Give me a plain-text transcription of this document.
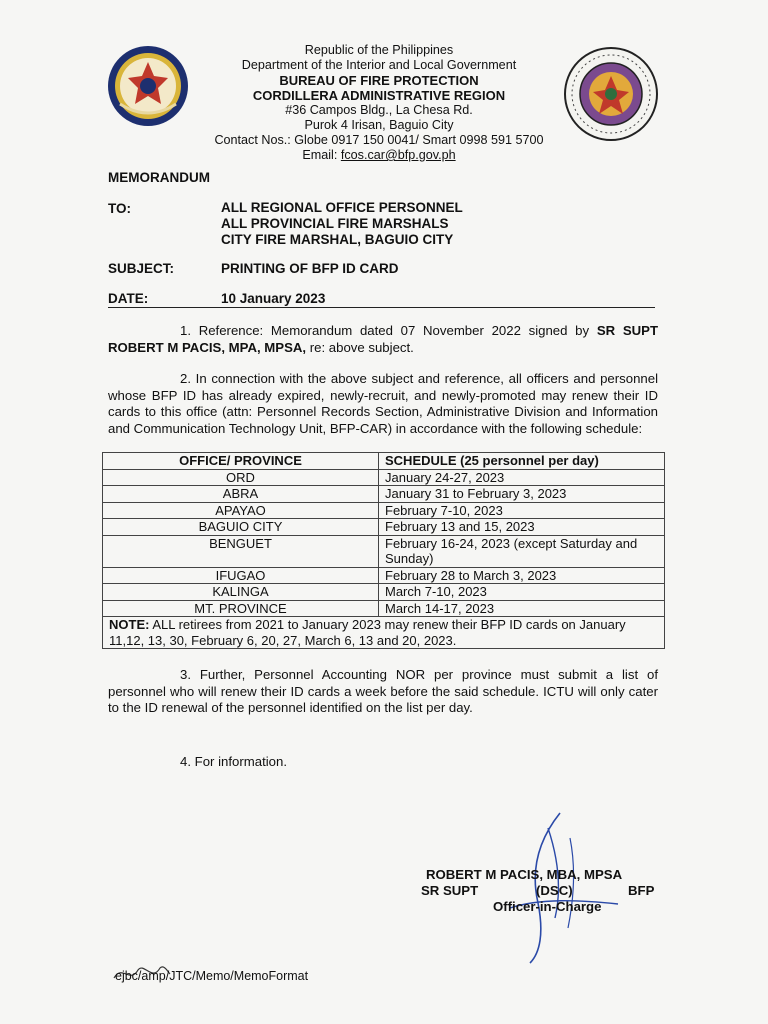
Republic of the Philippines
Department of the Interior and Local Government
BUREAU OF FIRE PROTECTION
CORDILLERA ADMINISTRATIVE REGION
#36 Campos Bldg., La Chesa Rd.
Purok 4 Irisan, Baguio City
Contact Nos.: Globe 0917 150 0041/ Smart 0998 591 5700
Email: fcos.car@bfp.gov.ph
MEMORANDUM
TO:	ALL REGIONAL OFFICE PERSONNEL
ALL PROVINCIAL FIRE MARSHALS
CITY FIRE MARSHAL, BAGUIO CITY
SUBJECT:	PRINTING OF BFP ID CARD
DATE:	10 January 2023
1. Reference: Memorandum dated 07 November 2022 signed by SR SUPT ROBERT M PACIS, MPA, MPSA, re: above subject.
2. In connection with the above subject and reference, all officers and personnel whose BFP ID has already expired, newly-recruit, and newly-promoted may renew their ID cards to this office (attn: Personnel Records Section, Administrative Division and Information and Communication Technology Unit, BFP-CAR) in accordance with the following schedule:
OFFICE/ PROVINCE	SCHEDULE (25 personnel per day)
ORD	January 24-27, 2023
ABRA	January 31 to February 3, 2023
APAYAO	February 7-10, 2023
BAGUIO CITY	February 13 and 15, 2023
BENGUET	February 16-24, 2023 (except Saturday and Sunday)
IFUGAO	February 28 to March 3, 2023
KALINGA	March 7-10, 2023
MT. PROVINCE	March 14-17, 2023
NOTE: ALL retirees from 2021 to January 2023 may renew their BFP ID cards on January 11,12, 13, 30, February 6, 20, 27, March 6, 13 and 20, 2023.	
3. Further, Personnel Accounting NOR per province must submit a list of personnel who will renew their ID cards a week before the said schedule. ICTU will only cater to the ID renewal of the personnel identified on the list per day.
4. For information.
ROBERT M PACIS, MBA, MPSA
SR SUPT	(DSC)	BFP
Officer-in-Charge
ejbc/amp/JTC/Memo/MemoFormat
